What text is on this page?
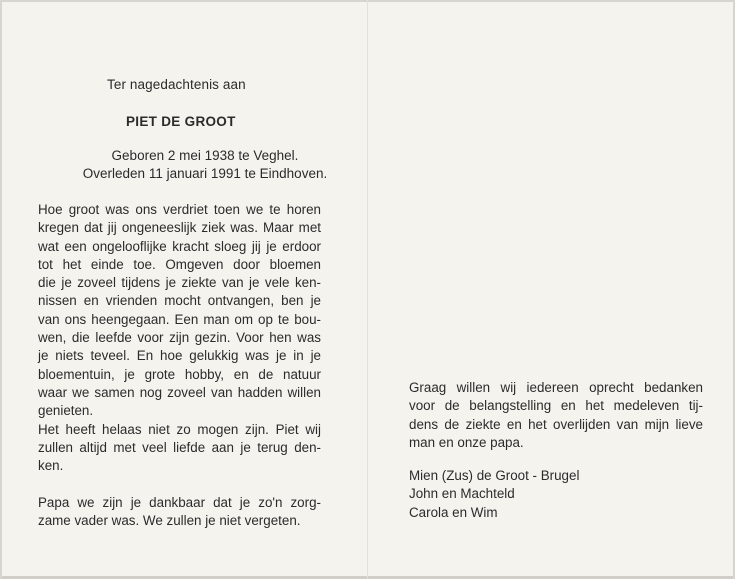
Ter nagedachtenis aan
PIET DE GROOT
Geboren 2 mei 1938 te Veghel.
Overleden 11 januari 1991 te Eindhoven.
Hoe groot was ons verdriet toen we te horen
kregen dat jij ongeneeslijk ziek was. Maar met
wat een ongelooflijke kracht sloeg jij je erdoor
tot het einde toe. Omgeven door bloemen
die je zoveel tijdens je ziekte van je vele ken-
nissen en vrienden mocht ontvangen, ben je
van ons heengegaan. Een man om op te bou-
wen, die leefde voor zijn gezin. Voor hen was
je niets teveel. En hoe gelukkig was je in je
bloementuin, je grote hobby, en de natuur
waar we samen nog zoveel van hadden willen
genieten.
Het heeft helaas niet zo mogen zijn. Piet wij
zullen altijd met veel liefde aan je terug den-
ken.
Papa we zijn je dankbaar dat je zo'n zorg-
zame vader was. We zullen je niet vergeten.
Graag willen wij iedereen oprecht bedanken
voor de belangstelling en het medeleven tij-
dens de ziekte en het overlijden van mijn lieve
man en onze papa.
Mien (Zus) de Groot - Brugel
John en Machteld
Carola en Wim
